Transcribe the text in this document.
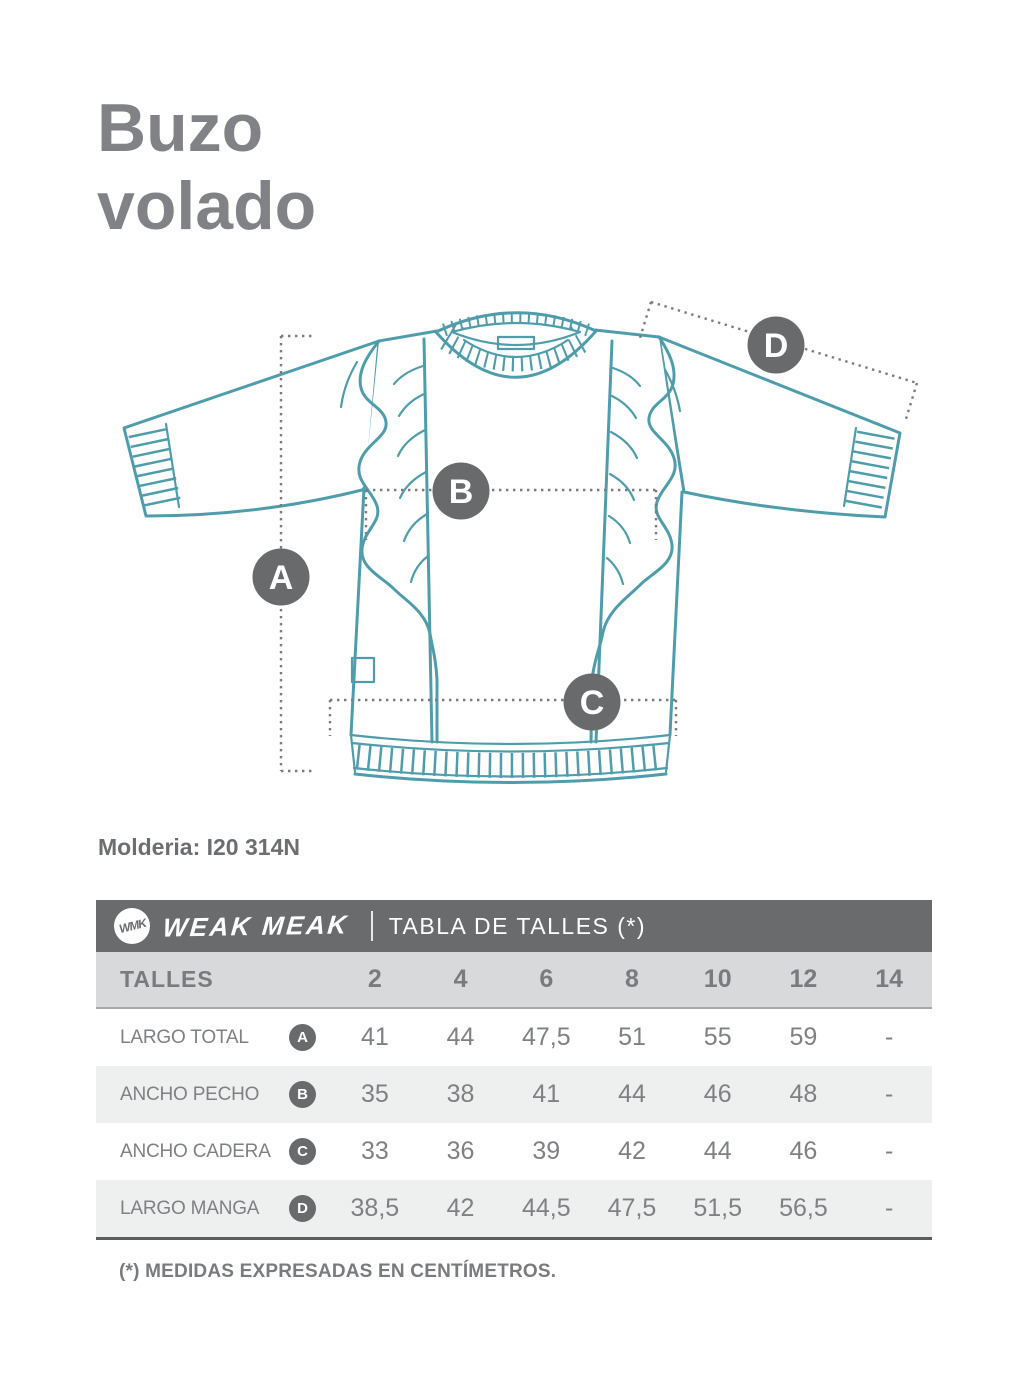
Buzo
volado
A
B
C
D
Molderia: I20 314N
WMK WEAK MEAK TABLA DE TALLES (*)
TALLES	2	4	6	8	10	12	14
LARGO TOTAL	A	41	44	47,5	51	55	59	-
ANCHO PECHO	B	35	38	41	44	46	48	-
ANCHO CADERA	C	33	36	39	42	44	46	-
LARGO MANGA	D	38,5	42	44,5	47,5	51,5	56,5	-
(*) MEDIDAS EXPRESADAS EN CENTÍMETROS.
